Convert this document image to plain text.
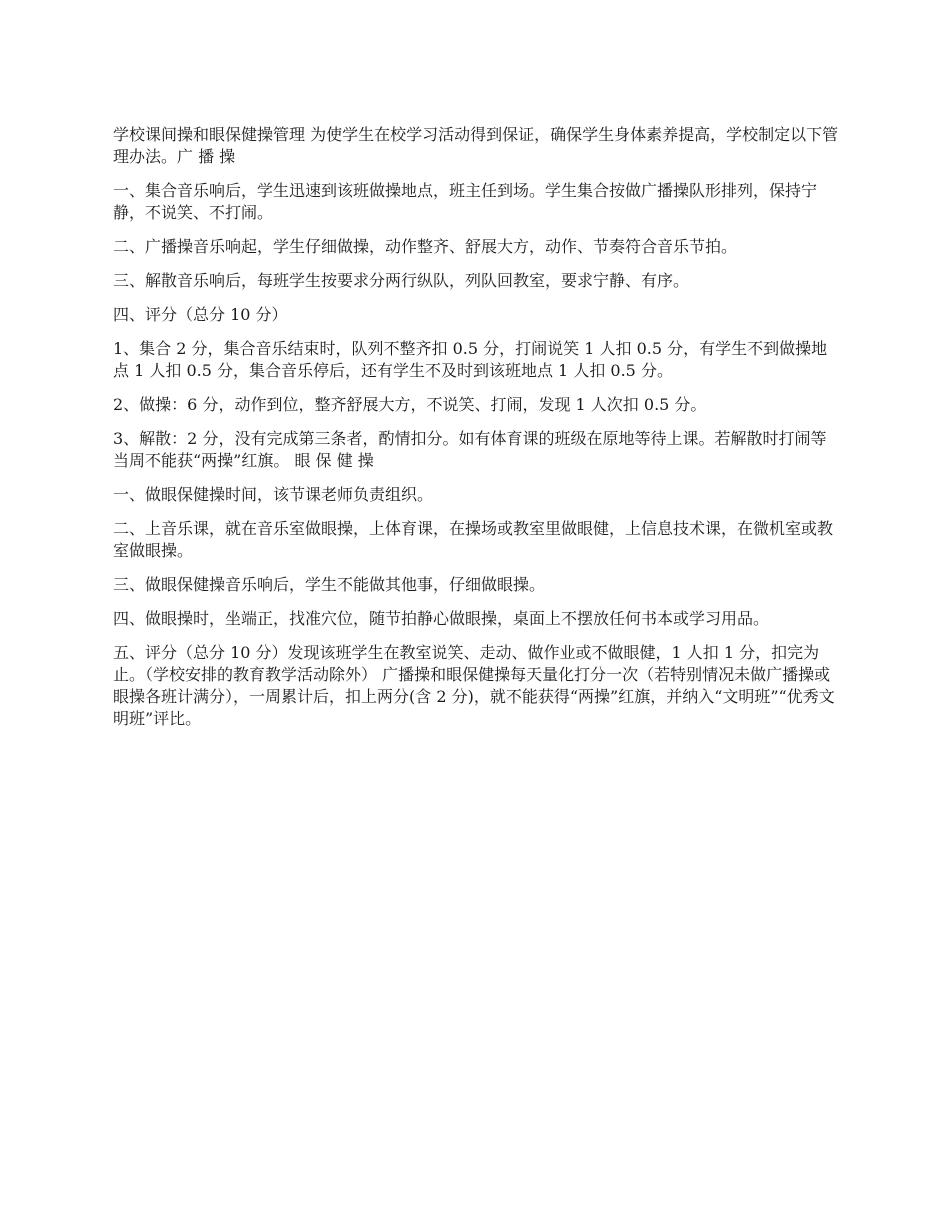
学校课间操和眼保健操管理 为使学生在校学习活动得到保证，确保学生身体素养提高，学校制定以下管理办法。广 播 操

一、集合音乐响后，学生迅速到该班做操地点，班主任到场。学生集合按做广播操队形排列，保持宁静，不说笑、不打闹。

二、广播操音乐响起，学生仔细做操，动作整齐、舒展大方，动作、节奏符合音乐节拍。

三、解散音乐响后，每班学生按要求分两行纵队，列队回教室，要求宁静、有序。

四、评分（总分 10 分）

1、集合 2 分，集合音乐结束时，队列不整齐扣 0.5 分，打闹说笑 1 人扣 0.5 分，有学生不到做操地点 1 人扣 0.5 分，集合音乐停后，还有学生不及时到该班地点 1 人扣 0.5 分。

2、做操：6 分，动作到位，整齐舒展大方，不说笑、打闹，发现 1 人次扣 0.5 分。

3、解散：2 分，没有完成第三条者，酌情扣分。如有体育课的班级在原地等待上课。若解散时打闹等当周不能获“两操”红旗。 眼 保 健 操

一、做眼保健操时间，该节课老师负责组织。

二、上音乐课，就在音乐室做眼操，上体育课，在操场或教室里做眼健，上信息技术课，在微机室或教室做眼操。

三、做眼保健操音乐响后，学生不能做其他事，仔细做眼操。

四、做眼操时，坐端正，找准穴位，随节拍静心做眼操，桌面上不摆放任何书本或学习用品。

五、评分（总分 10 分）发现该班学生在教室说笑、走动、做作业或不做眼健，1 人扣 1 分，扣完为止。（学校安排的教育教学活动除外） 广播操和眼保健操每天量化打分一次（若特别情况未做广播操或眼操各班计满分），一周累计后，扣上两分(含 2 分)，就不能获得“两操”红旗，并纳入“文明班”“优秀文明班”评比。
